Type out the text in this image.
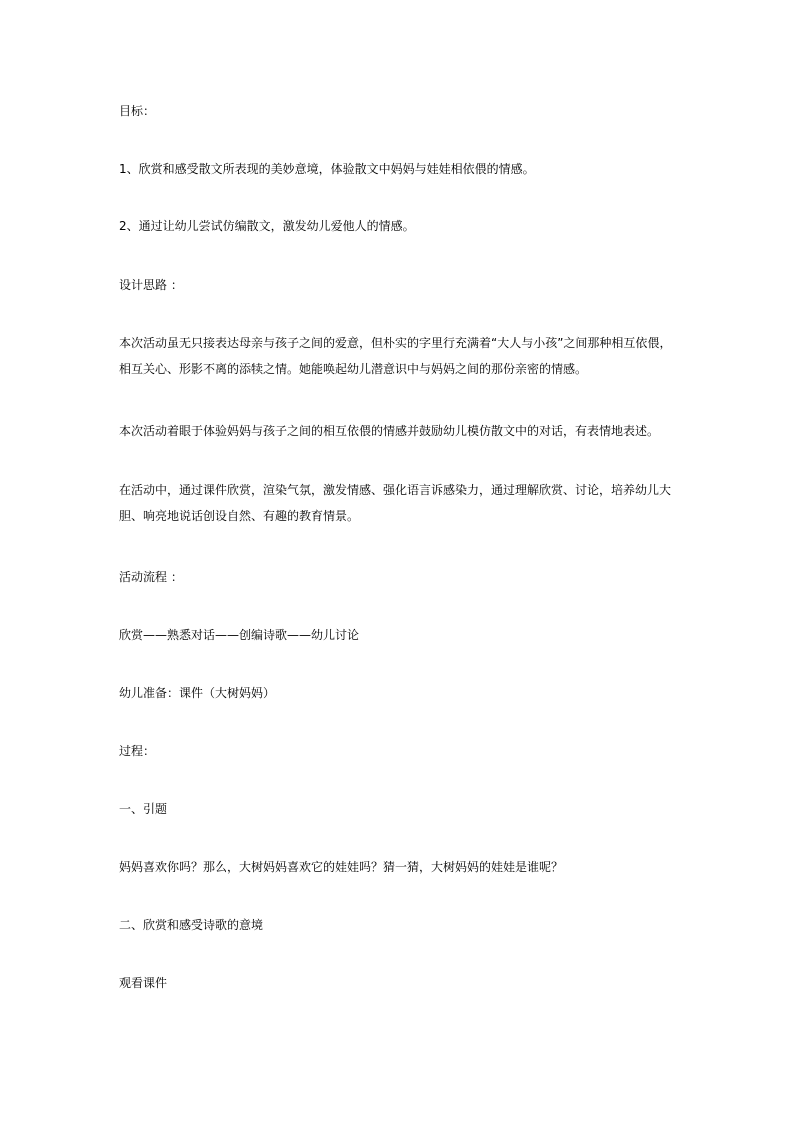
目标：

1、欣赏和感受散文所表现的美妙意境，体验散文中妈妈与娃娃相依偎的情感。

2、通过让幼儿尝试仿编散文，激发幼儿爱他人的情感。

设计思路 ：

本次活动虽无只接表达母亲与孩子之间的爱意，但朴实的字里行充满着“大人与小孩”之间那种相互依偎，相互关心、形影不离的添犊之情。她能唤起幼儿潜意识中与妈妈之间的那份亲密的情感。

本次活动着眼于体验妈妈与孩子之间的相互依偎的情感并鼓励幼儿模仿散文中的对话，有表情地表述。

在活动中，通过课件欣赏，渲染气氛，激发情感、强化语言诉感染力，通过理解欣赏、讨论，培养幼儿大胆、响亮地说话创设自然、有趣的教育情景。

活动流程 ：

欣赏——熟悉对话——创编诗歌——幼儿讨论

幼儿准备：课件（大树妈妈）

过程：

一、引题

妈妈喜欢你吗？那么，大树妈妈喜欢它的娃娃吗？猜一猜，大树妈妈的娃娃是谁呢？

二、欣赏和感受诗歌的意境

观看课件
